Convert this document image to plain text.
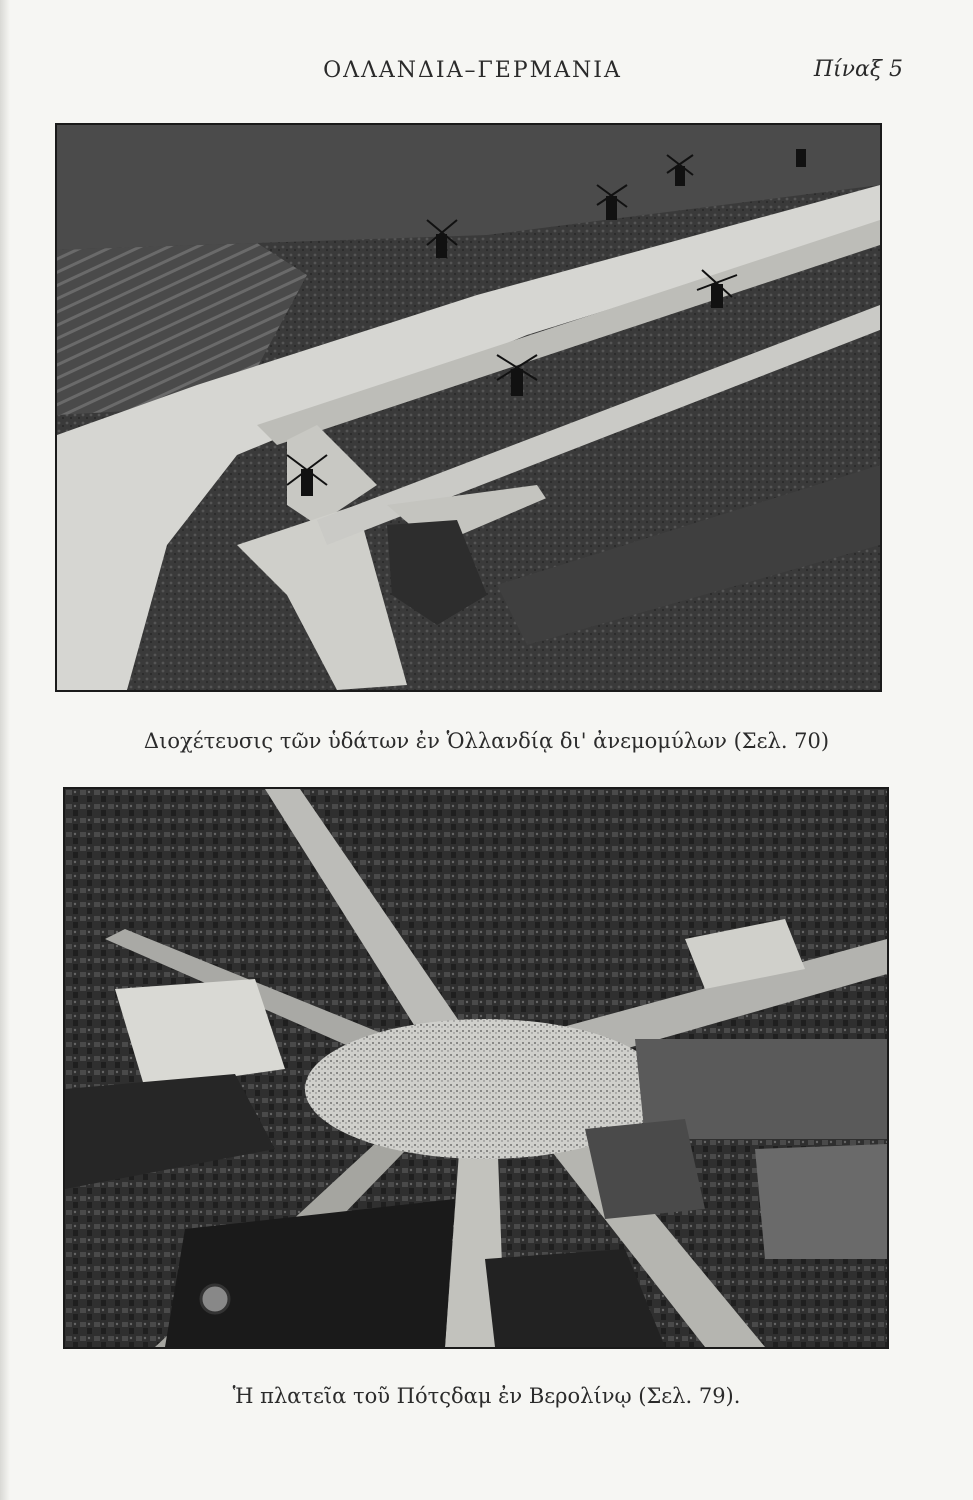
ΟΛΛΑΝΔΙΑ–ΓΕΡΜΑΝΙΑ	Πίναξ 5
Διοχέτευσις τῶν ὑδάτων ἐν Ὁλλανδίᾳ δι' ἀνεμομύλων (Σελ. 70)
Ἡ πλατεῖα τοῦ Πότςδαμ ἐν Βερολίνῳ (Σελ. 79).
